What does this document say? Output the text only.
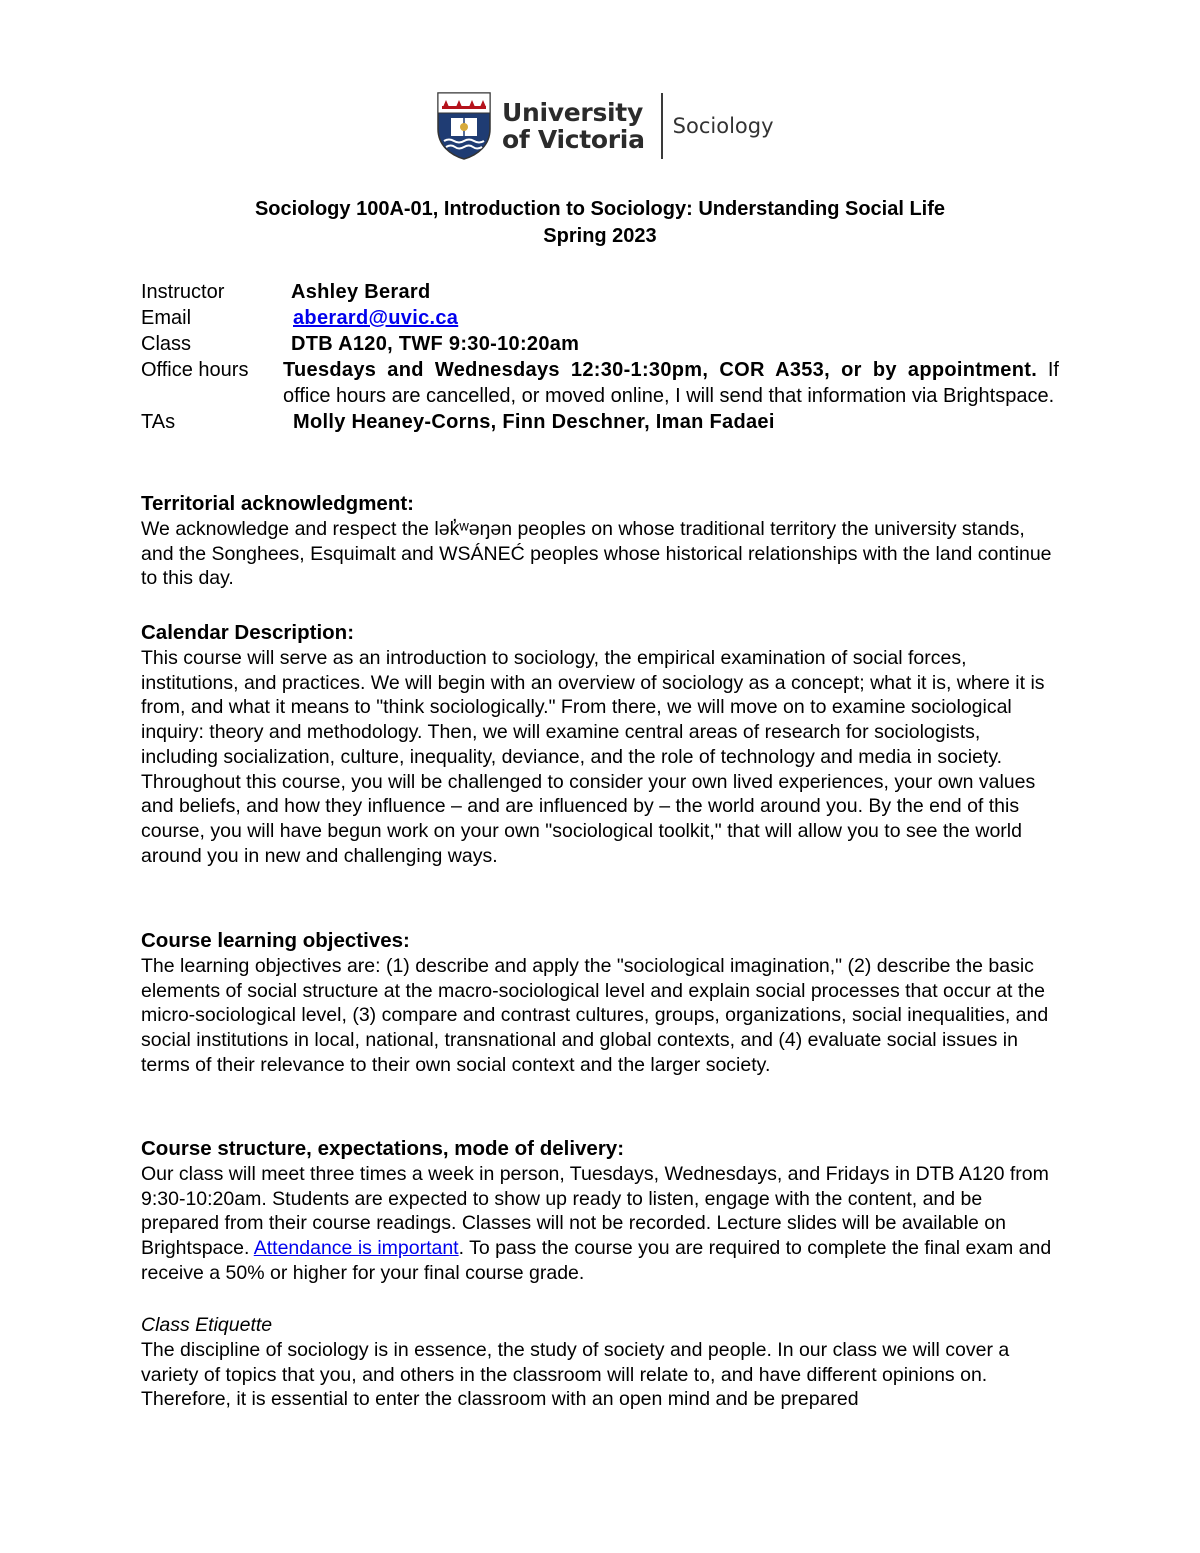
University
of Victoria Sociology
Sociology 100A-01, Introduction to Sociology: Understanding Social Life
Spring 2023
Instructor	Ashley Berard
Email	aberard@uvic.ca
Class	DTB A120, TWF 9:30-10:20am
Office hours	Tuesdays and Wednesdays 12:30-1:30pm, COR A353, or by appointment. If office hours are cancelled, or moved online, I will send that information via Brightspace.
TAs	Molly Heaney-Corns, Finn Deschner, Iman Fadaei
Territorial acknowledgment:

We acknowledge and respect the lək̓ʷəŋən peoples on whose traditional territory the university stands, and the Songhees, Esquimalt and WSÁNEĆ peoples whose historical relationships with the land continue to this day.

Calendar Description:

This course will serve as an introduction to sociology, the empirical examination of social forces, institutions, and practices. We will begin with an overview of sociology as a concept; what it is, where it is from, and what it means to "think sociologically." From there, we will move on to examine sociological inquiry: theory and methodology. Then, we will examine central areas of research for sociologists, including socialization, culture, inequality, deviance, and the role of technology and media in society. Throughout this course, you will be challenged to consider your own lived experiences, your own values and beliefs, and how they influence – and are influenced by – the world around you. By the end of this course, you will have begun work on your own "sociological toolkit," that will allow you to see the world around you in new and challenging ways.

Course learning objectives:

The learning objectives are: (1) describe and apply the "sociological imagination," (2) describe the basic elements of social structure at the macro-sociological level and explain social processes that occur at the micro-sociological level, (3) compare and contrast cultures, groups, organizations, social inequalities, and social institutions in local, national, transnational and global contexts, and (4) evaluate social issues in terms of their relevance to their own social context and the larger society.

Course structure, expectations, mode of delivery:

Our class will meet three times a week in person, Tuesdays, Wednesdays, and Fridays in DTB A120 from 9:30-10:20am. Students are expected to show up ready to listen, engage with the content, and be prepared from their course readings. Classes will not be recorded. Lecture slides will be available on Brightspace. Attendance is important. To pass the course you are required to complete the final exam and receive a 50% or higher for your final course grade.

Class Etiquette

The discipline of sociology is in essence, the study of society and people. In our class we will cover a variety of topics that you, and others in the classroom will relate to, and have different opinions on. Therefore, it is essential to enter the classroom with an open mind and be prepared
